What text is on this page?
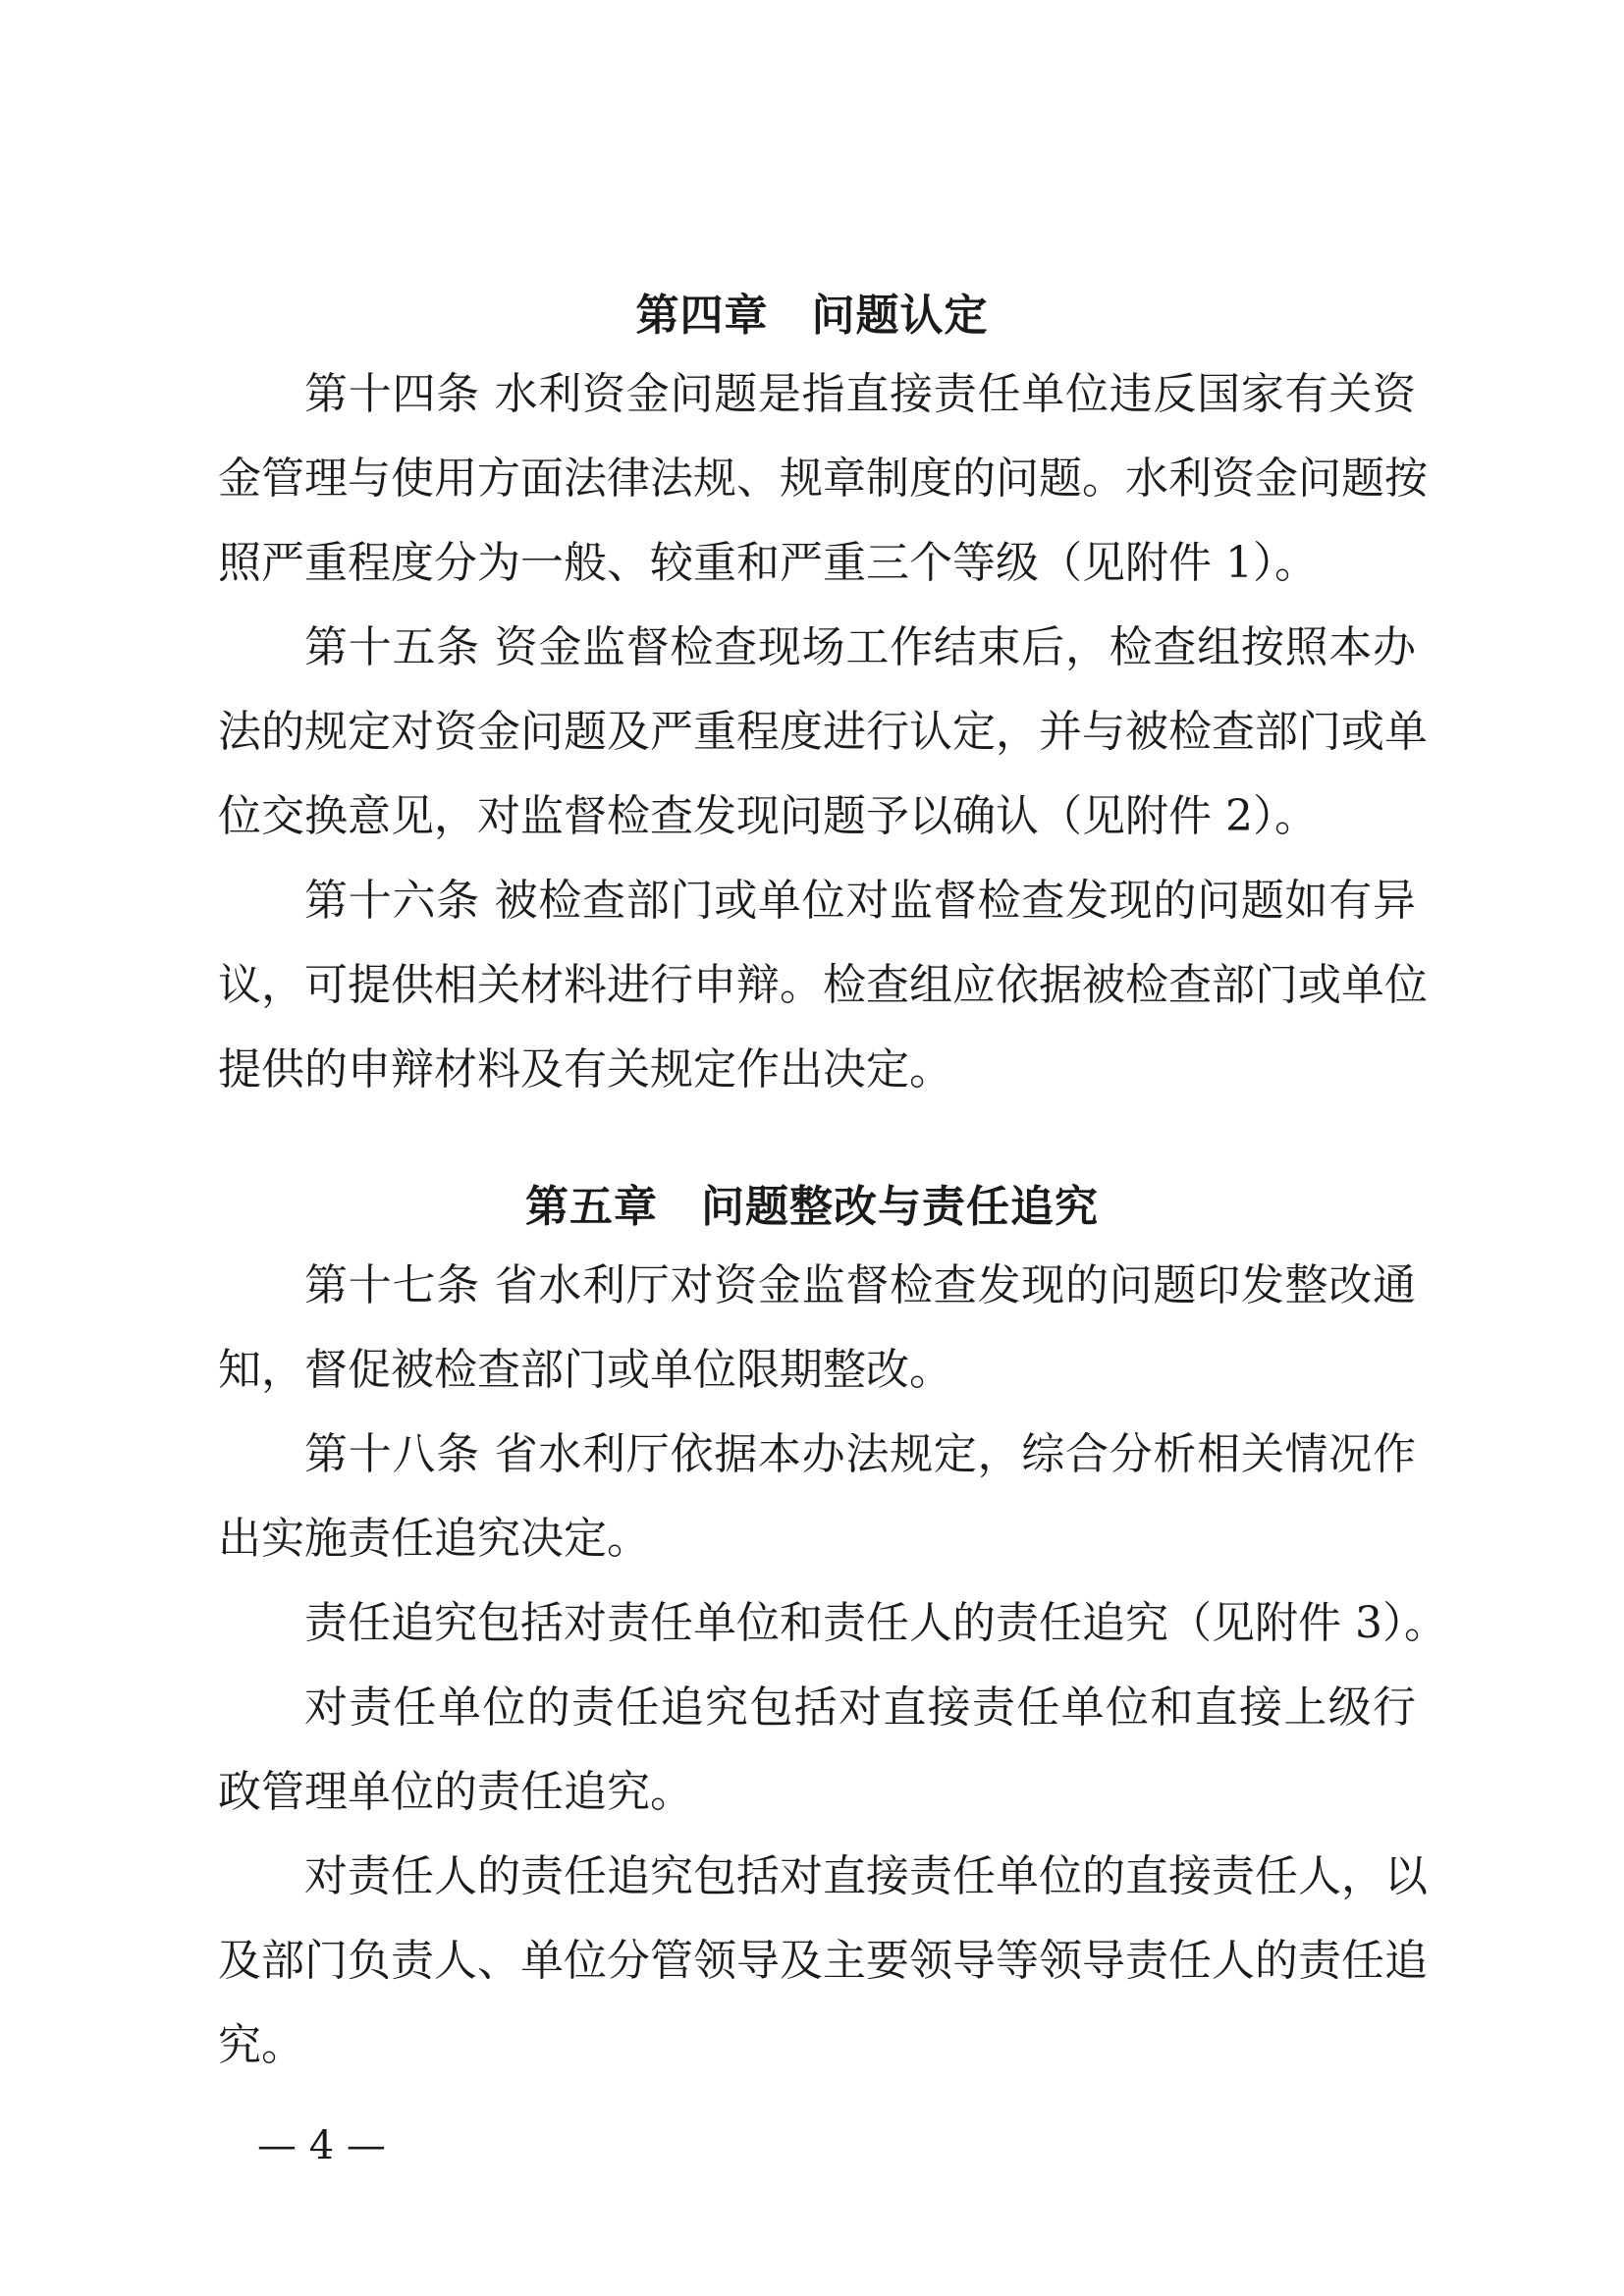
第四章 问题认定
第十四条 水利资金问题是指直接责任单位违反国家有关资
金管理与使用方面法律法规、规章制度的问题。水利资金问题按
照严重程度分为一般、较重和严重三个等级（见附件 1）。
第十五条 资金监督检查现场工作结束后，检查组按照本办
法的规定对资金问题及严重程度进行认定，并与被检查部门或单
位交换意见，对监督检查发现问题予以确认（见附件 2）。
第十六条 被检查部门或单位对监督检查发现的问题如有异
议，可提供相关材料进行申辩。检查组应依据被检查部门或单位
提供的申辩材料及有关规定作出决定。
第五章 问题整改与责任追究
第十七条 省水利厅对资金监督检查发现的问题印发整改通
知，督促被检查部门或单位限期整改。
第十八条 省水利厅依据本办法规定，综合分析相关情况作
出实施责任追究决定。
责任追究包括对责任单位和责任人的责任追究（见附件 3）。
对责任单位的责任追究包括对直接责任单位和直接上级行
政管理单位的责任追究。
对责任人的责任追究包括对直接责任单位的直接责任人，以
及部门负责人、单位分管领导及主要领导等领导责任人的责任追
究。
— 4 —
